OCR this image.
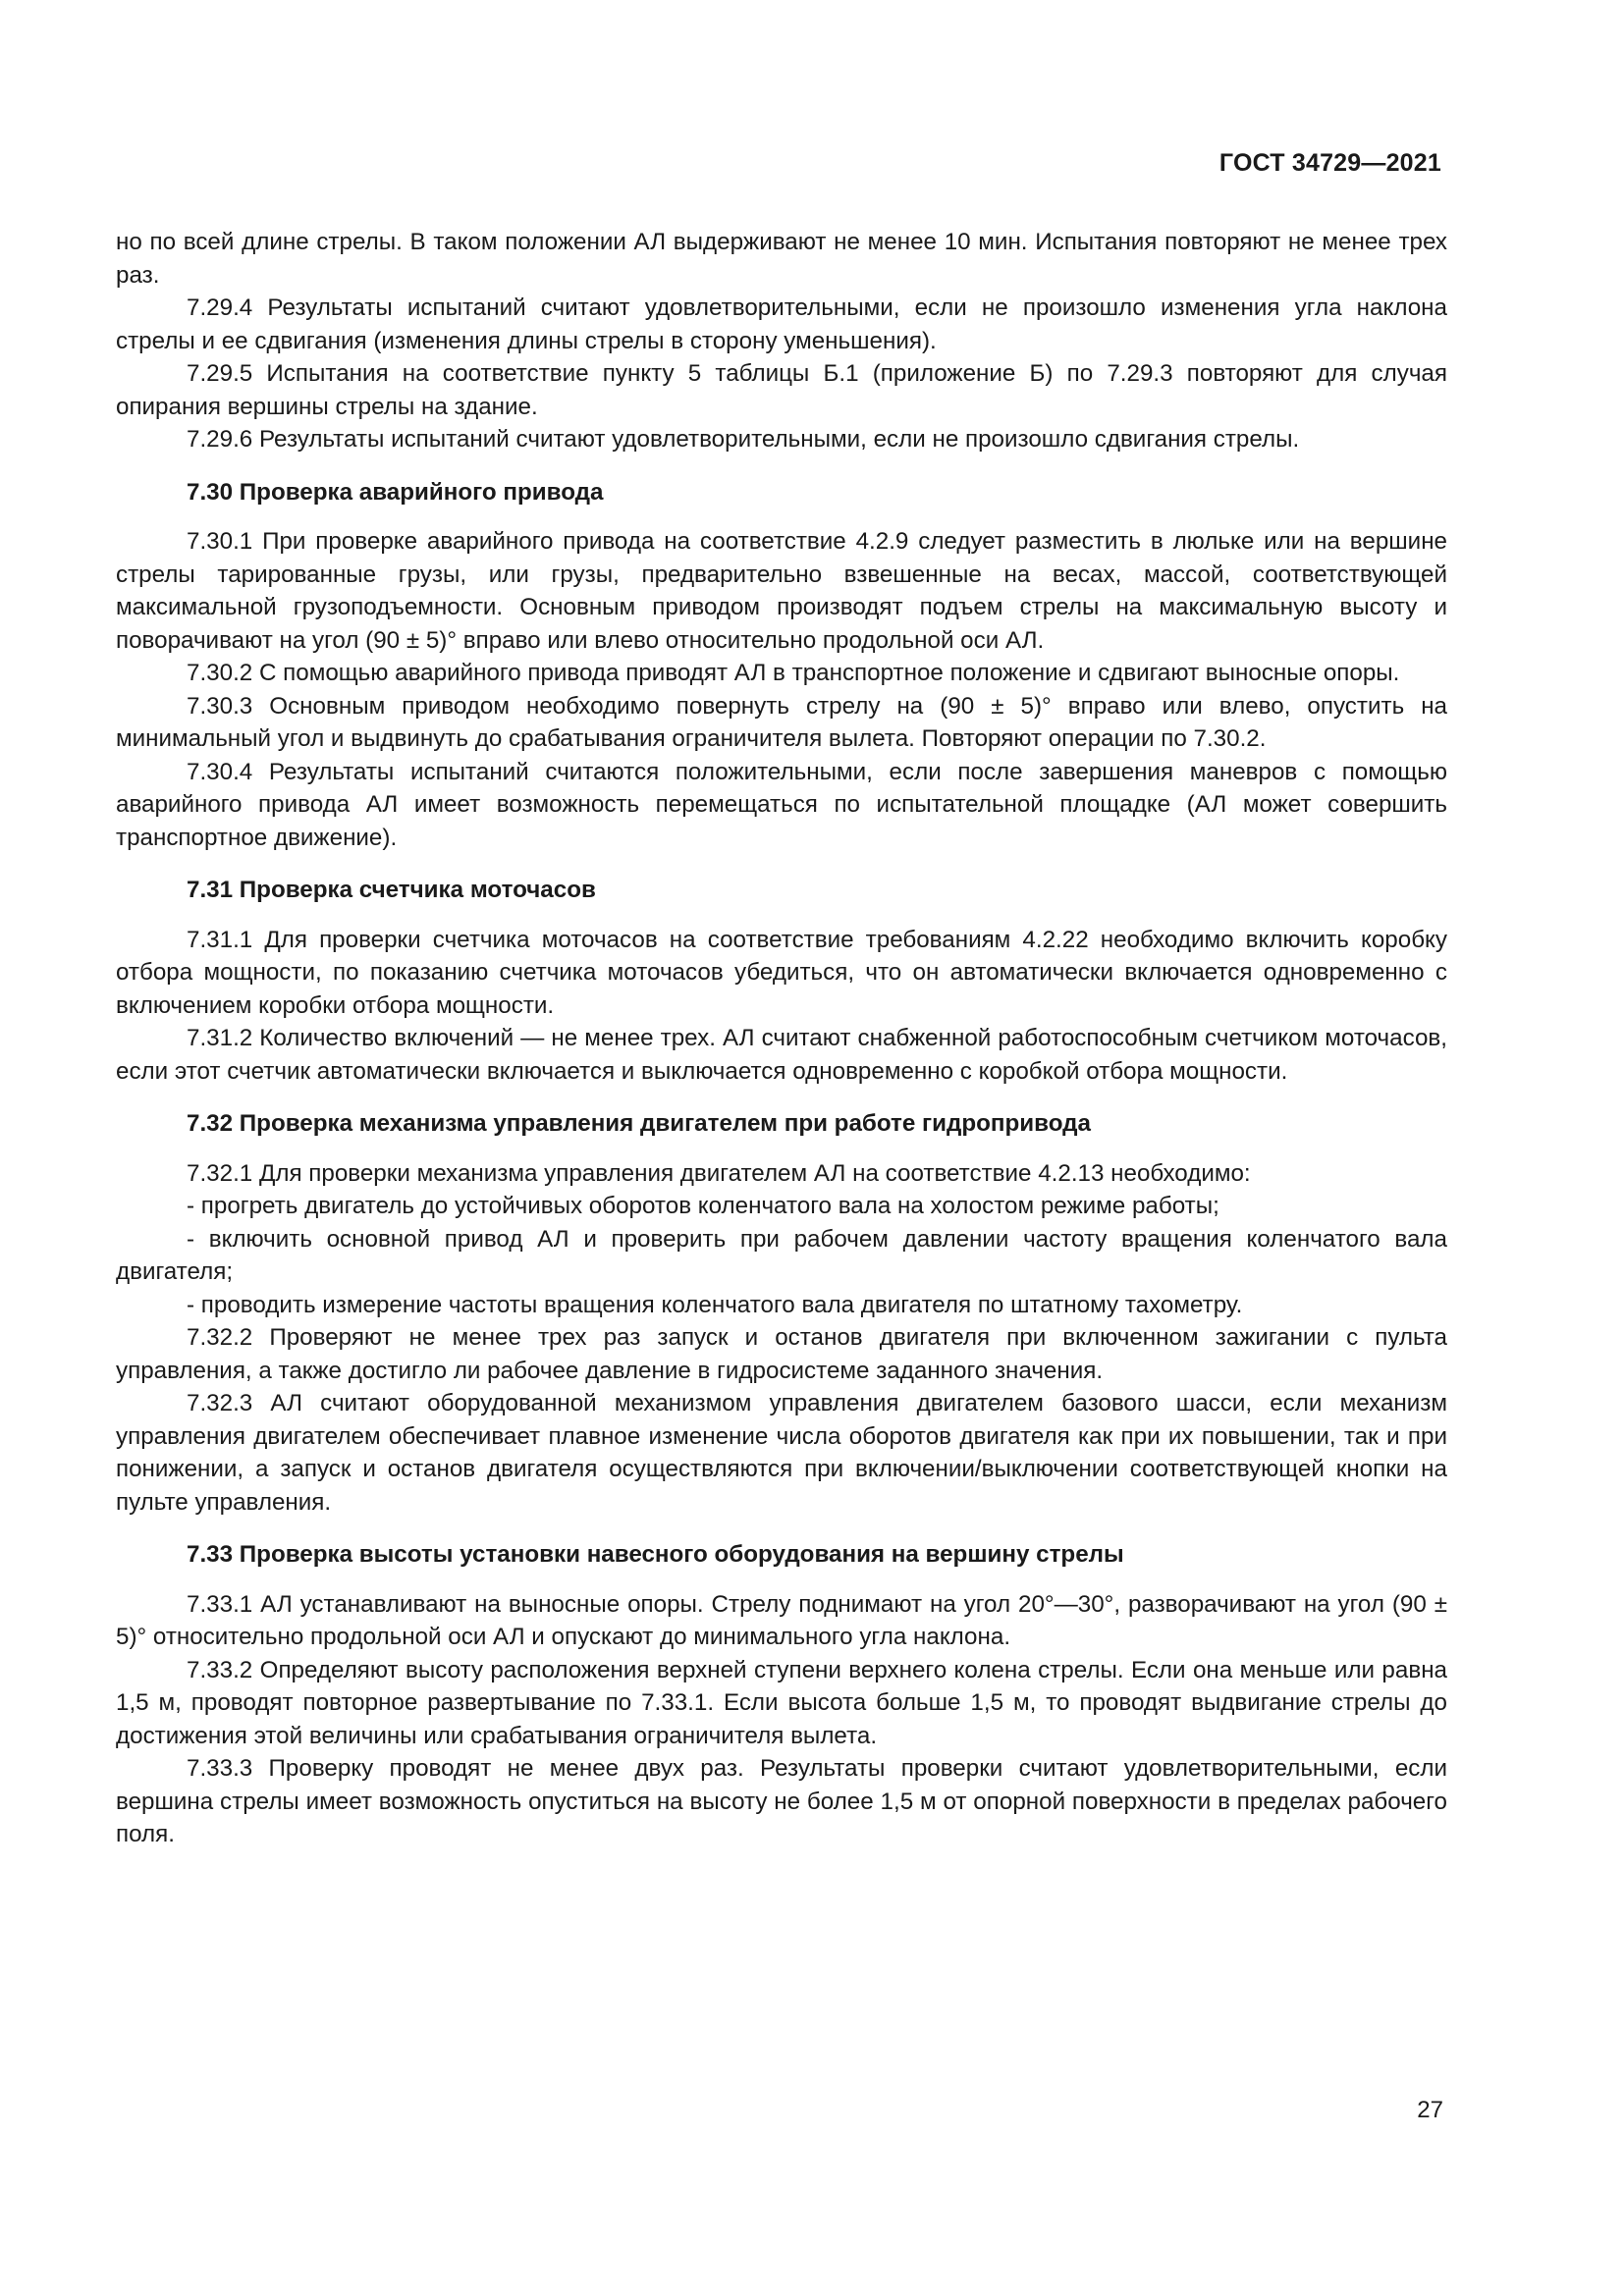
ГОСТ 34729—2021

но по всей длине стрелы. В таком положении АЛ выдерживают не менее 10 мин. Испытания повторяют не менее трех раз.

7.29.4 Результаты испытаний считают удовлетворительными, если не произошло изменения угла наклона стрелы и ее сдвигания (изменения длины стрелы в сторону уменьшения).

7.29.5 Испытания на соответствие пункту 5 таблицы Б.1 (приложение Б) по 7.29.3 повторяют для случая опирания вершины стрелы на здание.

7.29.6 Результаты испытаний считают удовлетворительными, если не произошло сдвигания стрелы.

7.30 Проверка аварийного привода

7.30.1 При проверке аварийного привода на соответствие 4.2.9 следует разместить в люльке или на вершине стрелы тарированные грузы, или грузы, предварительно взвешенные на весах, массой, соответствующей максимальной грузоподъемности. Основным приводом производят подъем стрелы на максимальную высоту и поворачивают на угол (90 ± 5)° вправо или влево относительно продольной оси АЛ.

7.30.2 С помощью аварийного привода приводят АЛ в транспортное положение и сдвигают выносные опоры.

7.30.3 Основным приводом необходимо повернуть стрелу на (90 ± 5)° вправо или влево, опустить на минимальный угол и выдвинуть до срабатывания ограничителя вылета. Повторяют операции по 7.30.2.

7.30.4 Результаты испытаний считаются положительными, если после завершения маневров с помощью аварийного привода АЛ имеет возможность перемещаться по испытательной площадке (АЛ может совершить транспортное движение).

7.31 Проверка счетчика моточасов

7.31.1 Для проверки счетчика моточасов на соответствие требованиям 4.2.22 необходимо включить коробку отбора мощности, по показанию счетчика моточасов убедиться, что он автоматически включается одновременно с включением коробки отбора мощности.

7.31.2 Количество включений — не менее трех. АЛ считают снабженной работоспособным счетчиком моточасов, если этот счетчик автоматически включается и выключается одновременно с коробкой отбора мощности.

7.32 Проверка механизма управления двигателем при работе гидропривода

7.32.1 Для проверки механизма управления двигателем АЛ на соответствие 4.2.13 необходимо:

- прогреть двигатель до устойчивых оборотов коленчатого вала на холостом режиме работы;

- включить основной привод АЛ и проверить при рабочем давлении частоту вращения коленчатого вала двигателя;

- проводить измерение частоты вращения коленчатого вала двигателя по штатному тахометру.

7.32.2 Проверяют не менее трех раз запуск и останов двигателя при включенном зажигании с пульта управления, а также достигло ли рабочее давление в гидросистеме заданного значения.

7.32.3 АЛ считают оборудованной механизмом управления двигателем базового шасси, если механизм управления двигателем обеспечивает плавное изменение числа оборотов двигателя как при их повышении, так и при понижении, а запуск и останов двигателя осуществляются при включении/выключении соответствующей кнопки на пульте управления.

7.33 Проверка высоты установки навесного оборудования на вершину стрелы

7.33.1 АЛ устанавливают на выносные опоры. Стрелу поднимают на угол 20°—30°, разворачивают на угол (90 ± 5)° относительно продольной оси АЛ и опускают до минимального угла наклона.

7.33.2 Определяют высоту расположения верхней ступени верхнего колена стрелы. Если она меньше или равна 1,5 м, проводят повторное развертывание по 7.33.1. Если высота больше 1,5 м, то проводят выдвигание стрелы до достижения этой величины или срабатывания ограничителя вылета.

7.33.3 Проверку проводят не менее двух раз. Результаты проверки считают удовлетворительными, если вершина стрелы имеет возможность опуститься на высоту не более 1,5 м от опорной поверхности в пределах рабочего поля.

27
